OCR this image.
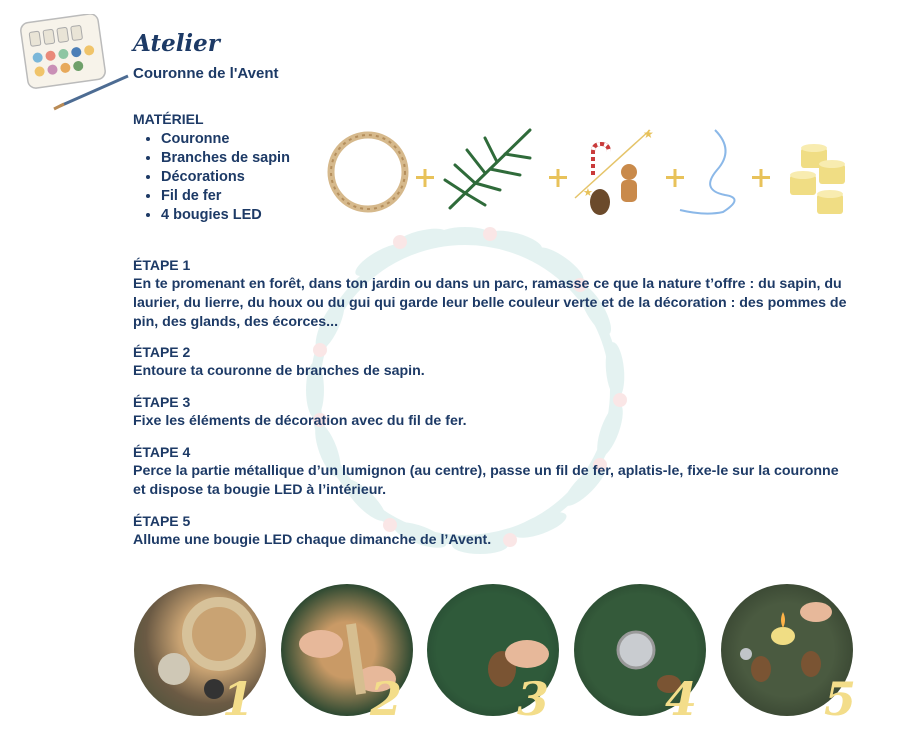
Atelier
Couronne de l'Avent
MATÉRIEL
• Couronne
• Branches de sapin
• Décorations
• Fil de fer
• 4 bougies LED
★
★
ÉTAPE 1
En te promenant en forêt, dans ton jardin ou dans un parc, ramasse ce que la nature t’offre : du sapin, du laurier, du lierre, du houx ou du gui qui garde leur belle couleur verte et de la décoration : des pommes de pin, des glands, des écorces...
ÉTAPE 2
Entoure ta couronne de branches de sapin.
ÉTAPE 3
Fixe les éléments de décoration avec du fil de fer.
ÉTAPE 4
Perce la partie métallique d’un lumignon (au centre), passe un fil de fer, aplatis-le, fixe-le sur la couronne et dispose ta bougie LED à l’intérieur.
ÉTAPE 5
Allume une bougie LED chaque dimanche de l’Avent.
1	2 3	4	5
